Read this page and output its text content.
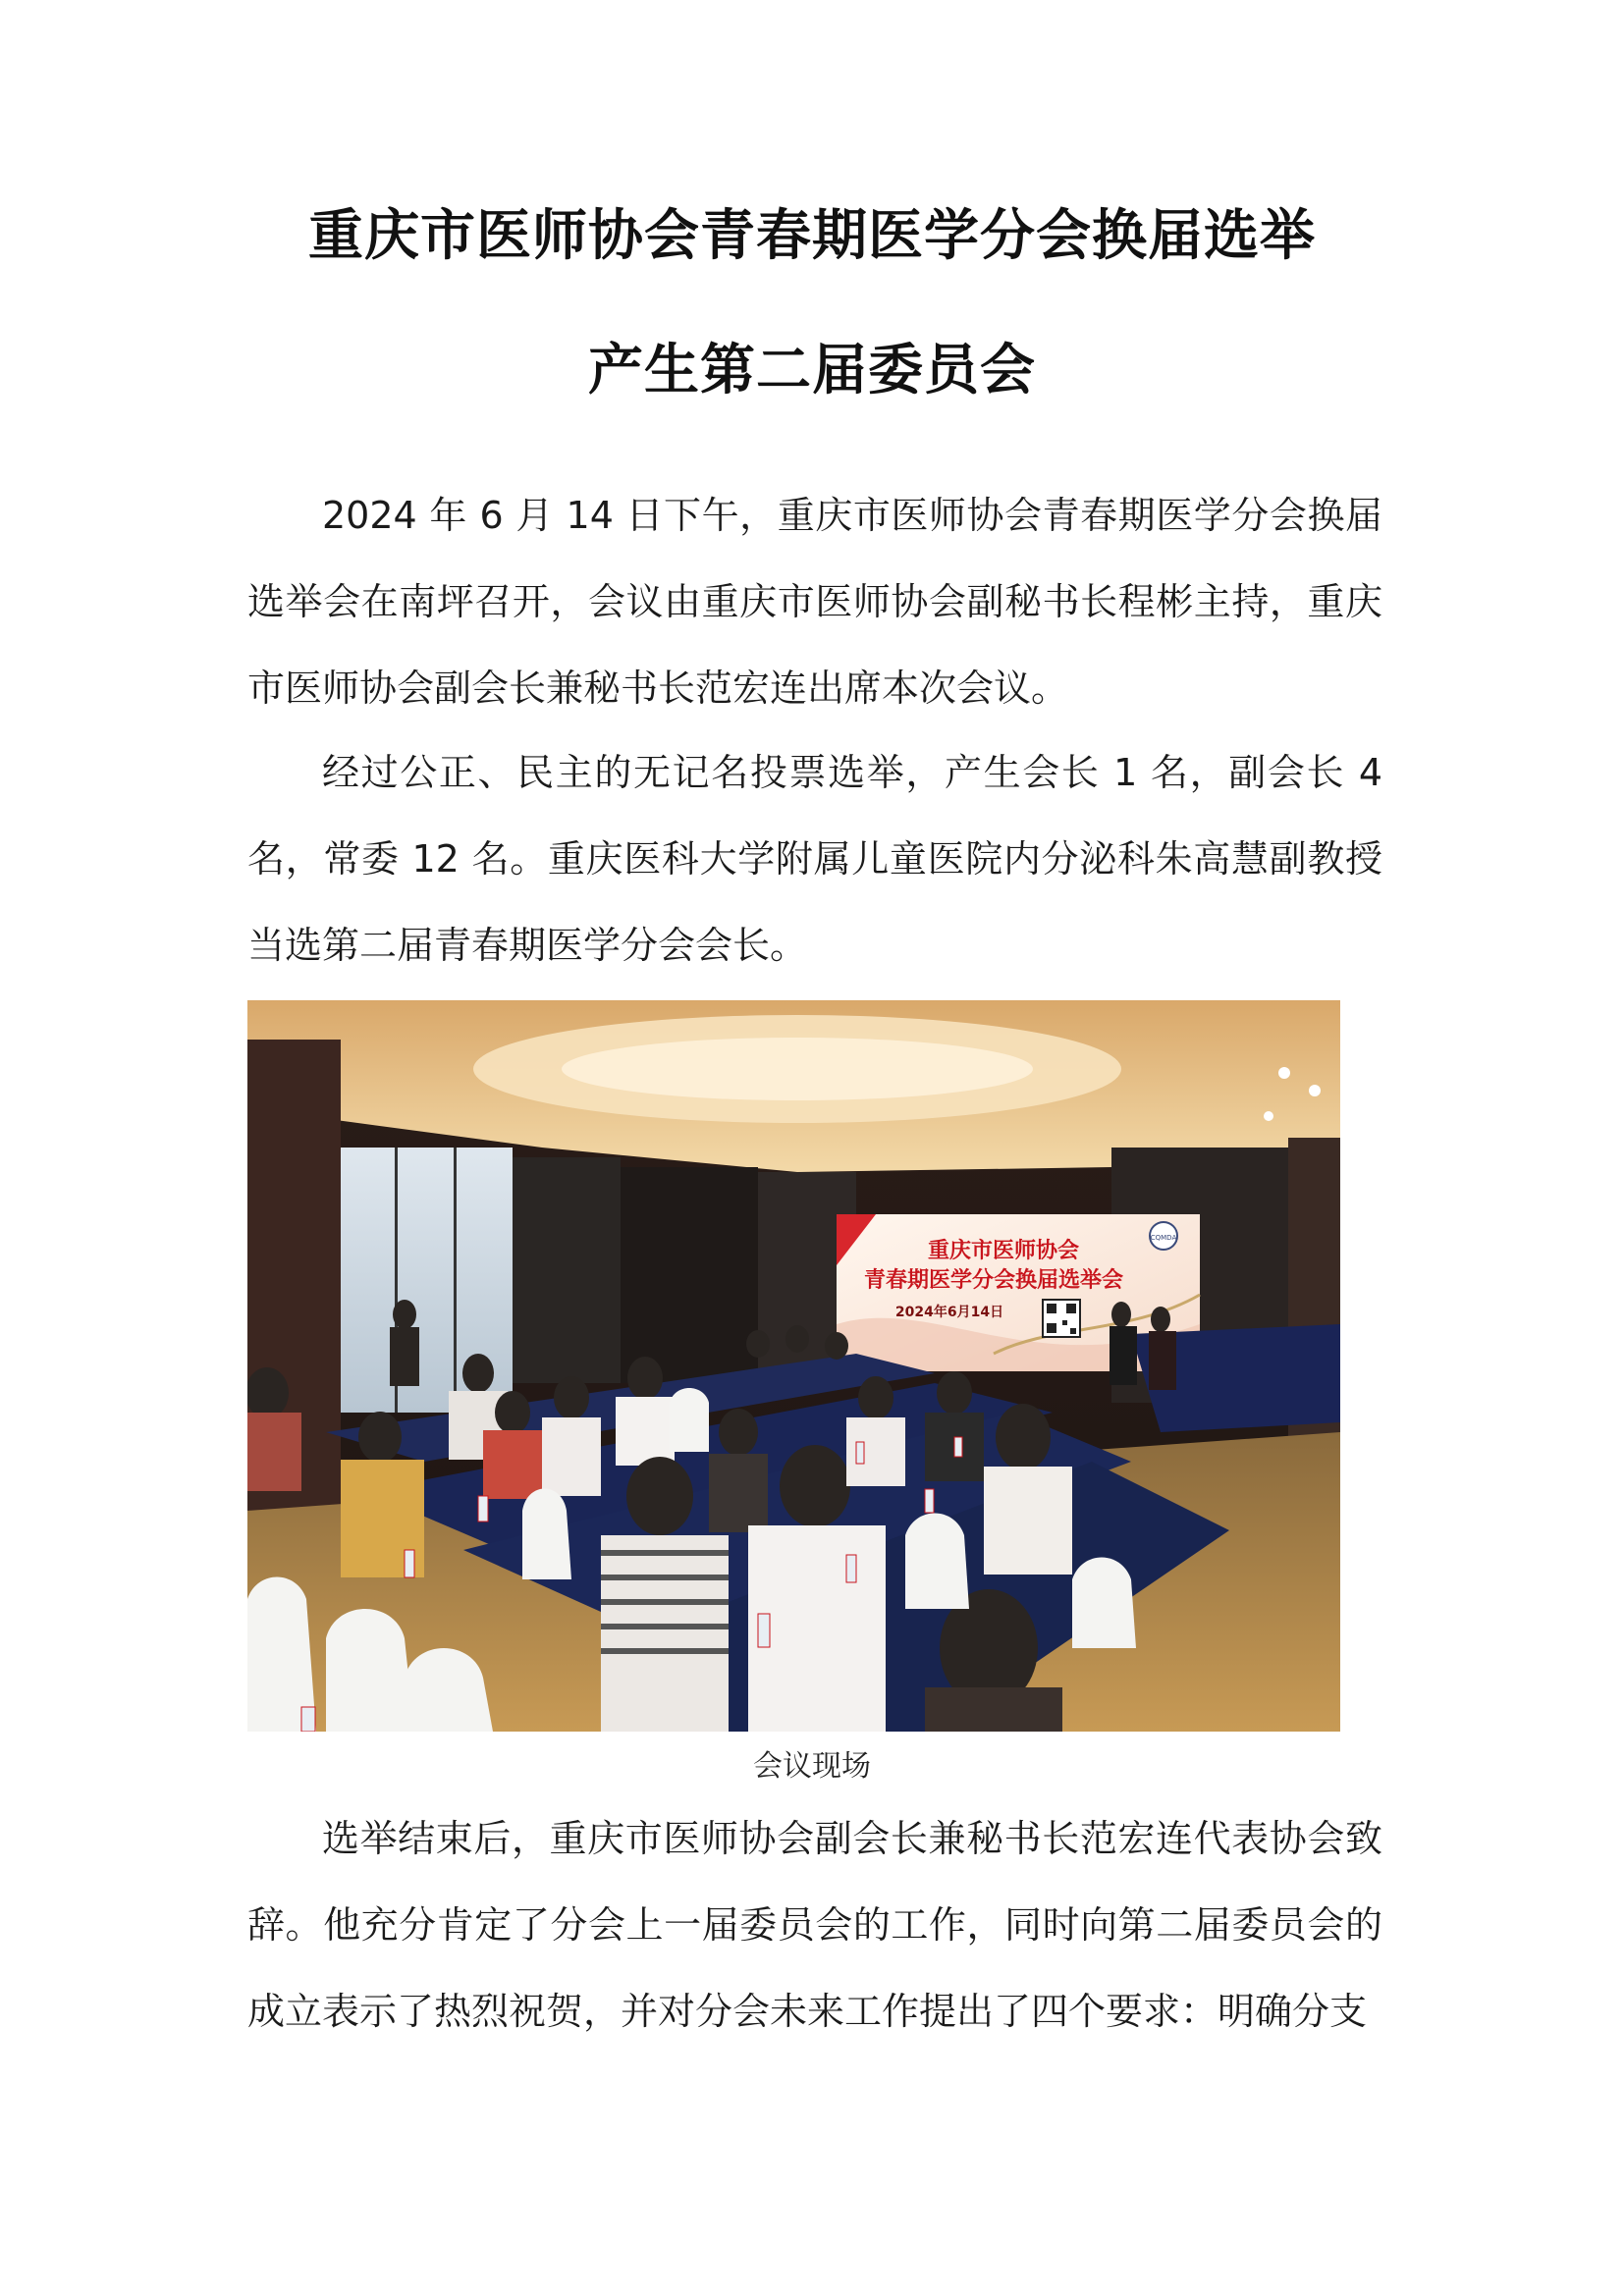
重庆市医师协会青春期医学分会换届选举
产生第二届委员会

2024 年 6 月 14 日下午，重庆市医师协会青春期医学分会换届选举会在南坪召开，会议由重庆市医师协会副秘书长程彬主持，重庆市医师协会副会长兼秘书长范宏连出席本次会议。

经过公正、民主的无记名投票选举，产生会长 1 名，副会长 4 名，常委 12 名。重庆医科大学附属儿童医院内分泌科朱高慧副教授当选第二届青春期医学分会会长。

重庆市医师协会
青春期医学分会换届选举会
2024年6月14日
CQMDA
会议现场

选举结束后，重庆市医师协会副会长兼秘书长范宏连代表协会致辞。他充分肯定了分会上一届委员会的工作，同时向第二届委员会的成立表示了热烈祝贺，并对分会未来工作提出了四个要求：明确分支
